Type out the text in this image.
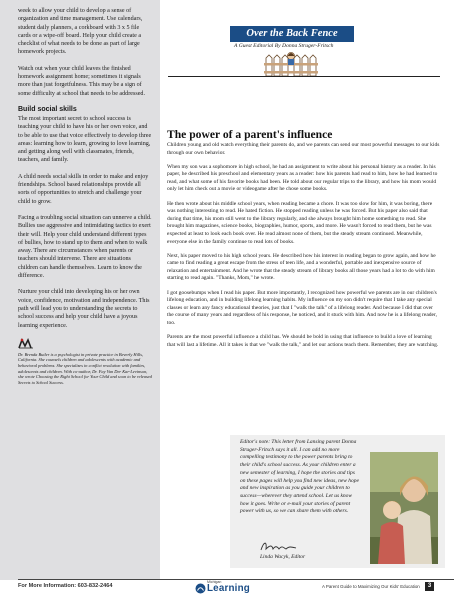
week to allow your child to develop a sense of organization and time management. Use calendars, student daily planners, a corkboard with 3 x 5 file cards or a wipe-off board. Help your child create a checklist of what needs to be done as part of large homework projects.

Watch out when your child leaves the finished homework assignment home; sometimes it signals more than just forgetfulness. This may be a sign of some difficulty at school that needs to be addressed.

Build social skills

The most important secret to school success is teaching your child to have his or her own voice, and to be able to use that voice effectively to develop three areas: learning how to learn, growing to love learning, and getting along well with classmates, friends, teachers, and family.

A child needs social skills in order to make and enjoy friendships. School based relationships provide all sorts of opportunities to stretch and challenge your child to grow.

Facing a troubling social situation can unnerve a child. Bullies use aggressive and intimidating tactics to exert their will. Help your child understand different types of bullies, how to stand up to them and when to walk away. There are circumstances when parents or teachers should intervene. There are situations children can handle themselves. Learn to know the difference.

Nurture your child into developing his or her own voice, confidence, motivation and independence. This path will lead you to understanding the secrets to school success and help your child have a joyous learning experience.

Dr. Brenda Butler is a psychologist in private practice in Beverly Hills, California. She counsels children and adolescents with academic and behavioral problems. She specializes in conflict resolution with families, adolescents and children. With co-author, Dr. Fay Van Der Kar-Levinson, she wrote Choosing the Right School for Your Child and soon to be released Secrets to School Success.

Over the Back Fence
A Guest Editorial By Donna Struger-Fritsch
The power of a parent's influence

Children young and old watch everything their parents do, and we parents can send our most powerful messages to our kids through our own behavior.

When my son was a sophomore in high school, he had an assignment to write about his personal history as a reader. In his paper, he described his preschool and elementary years as a reader: how his parents had read to him, how he had learned to read, and what some of his favorite books had been. He told about our regular trips to the library, and how his mom would only let him check out a movie or videogame after he chose some books.

He then wrote about his middle school years, when reading became a chore. It was too slow for him, it was boring, there was nothing interesting to read. He hated fiction. He stopped reading unless he was forced. But his paper also said that during that time, his mom still went to the library regularly, and she always brought him home something to read. She brought him magazines, science books, biographies, humor, sports, and more. He wasn't forced to read them, but he was expected at least to look each book over. He read almost none of them, but the steady stream continued. Meanwhile, everyone else in the family continue to read lots of books.

Next, his paper moved to his high school years. He described how his interest in reading began to grow again, and how he came to find reading a great escape from the stress of teen life, and a wonderful, portable and inexpensive source of relaxation and entertainment. And he wrote that the steady stream of library books all those years had a lot to do with him starting to read again. "Thanks, Mom," he wrote.

I got goosebumps when I read his paper. But more importantly, I recognized how powerful we parents are in our children's lifelong education, and in building lifelong learning habits. My influence on my son didn't require that I take any special classes or learn any fancy educational theories, just that I "walk the talk" of a lifelong reader. And because I did that over the course of many years and regardless of his response, he noticed, and it stuck with him. And now he is a lifelong reader, too.

Parents are the most powerful influence a child has. We should be bold in using that influence to build a love of learning that will last a lifetime. All it takes is that we "walk the talk," and let our actions teach them. Remember, they are watching.

Editor's note: This letter from Lansing parent Donna Struger-Fritsch says it all. I can add no more compelling testimony to the power parents bring to their child's school success. As your children enter a new semester of learning, I hope the stories and tips on these pages will help you find new ideas, new hope and new inspiration as you guide your children to success—wherever they attend school. Let us know how it goes. Write or e-mail your stories of parent power with us, so we can share them with others.

Linda Wacyk, Editor

For More Information: 603-832-2464
Michigan
Learning	A Parent Guide to Maximizing Our Kids' Education	3
